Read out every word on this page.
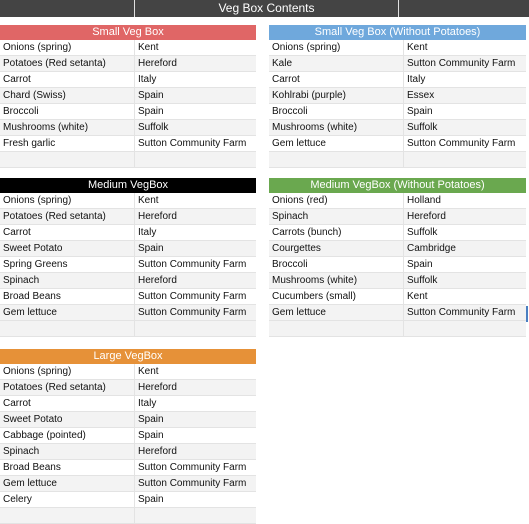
Veg Box Contents
Small Veg Box
Onions (spring)	Kent
Potatoes (Red setanta)	Hereford
Carrot	Italy
Chard (Swiss)	Spain
Broccoli	Spain
Mushrooms (white)	Suffolk
Fresh garlic	Sutton Community Farm
Small Veg Box (Without Potatoes)
Onions (spring)	Kent
Kale	Sutton Community Farm
Carrot	Italy
Kohlrabi (purple)	Essex
Broccoli	Spain
Mushrooms (white)	Suffolk
Gem lettuce	Sutton Community Farm
Medium VegBox
Onions (spring)	Kent
Potatoes (Red setanta)	Hereford
Carrot	Italy
Sweet Potato	Spain
Spring Greens	Sutton Community Farm
Spinach	Hereford
Broad Beans	Sutton Community Farm
Gem lettuce	Sutton Community Farm
Medium VegBox (Without Potatoes)
Onions (red)	Holland
Spinach	Hereford
Carrots (bunch)	Suffolk
Courgettes	Cambridge
Broccoli	Spain
Mushrooms (white)	Suffolk
Cucumbers (small)	Kent
Gem lettuce	Sutton Community Farm
Large VegBox
Onions (spring)	Kent
Potatoes (Red setanta)	Hereford
Carrot	Italy
Sweet Potato	Spain
Cabbage (pointed)	Spain
Spinach	Hereford
Broad Beans	Sutton Community Farm
Gem lettuce	Sutton Community Farm
Celery	Spain
